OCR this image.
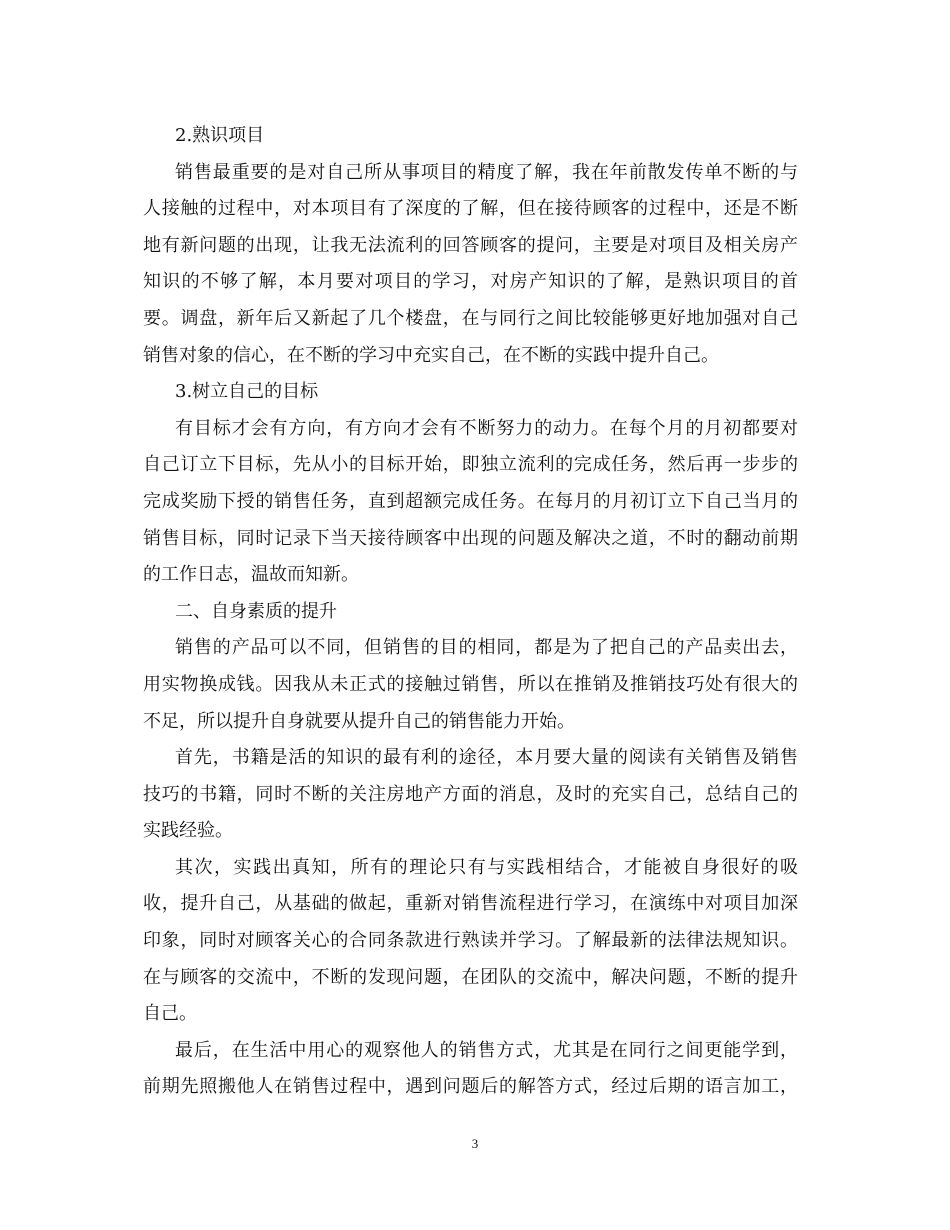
2.熟识项目
销售最重要的是对自己所从事项目的精度了解，我在年前散发传单不断的与
人接触的过程中，对本项目有了深度的了解，但在接待顾客的过程中，还是不断
地有新问题的出现，让我无法流利的回答顾客的提问，主要是对项目及相关房产
知识的不够了解，本月要对项目的学习，对房产知识的了解，是熟识项目的首
要。调盘，新年后又新起了几个楼盘，在与同行之间比较能够更好地加强对自己
销售对象的信心，在不断的学习中充实自己，在不断的实践中提升自己。
3.树立自己的目标
有目标才会有方向，有方向才会有不断努力的动力。在每个月的月初都要对
自己订立下目标，先从小的目标开始，即独立流利的完成任务，然后再一步步的
完成奖励下授的销售任务，直到超额完成任务。在每月的月初订立下自己当月的
销售目标，同时记录下当天接待顾客中出现的问题及解决之道，不时的翻动前期
的工作日志，温故而知新。
二、自身素质的提升
销售的产品可以不同，但销售的目的相同，都是为了把自己的产品卖出去，
用实物换成钱。因我从未正式的接触过销售，所以在推销及推销技巧处有很大的
不足，所以提升自身就要从提升自己的销售能力开始。
首先，书籍是活的知识的最有利的途径，本月要大量的阅读有关销售及销售
技巧的书籍，同时不断的关注房地产方面的消息，及时的充实自己，总结自己的
实践经验。
其次，实践出真知，所有的理论只有与实践相结合，才能被自身很好的吸
收，提升自己，从基础的做起，重新对销售流程进行学习，在演练中对项目加深
印象，同时对顾客关心的合同条款进行熟读并学习。了解最新的法律法规知识。
在与顾客的交流中，不断的发现问题，在团队的交流中，解决问题，不断的提升
自己。
最后，在生活中用心的观察他人的销售方式，尤其是在同行之间更能学到，
前期先照搬他人在销售过程中，遇到问题后的解答方式，经过后期的语言加工，
3
